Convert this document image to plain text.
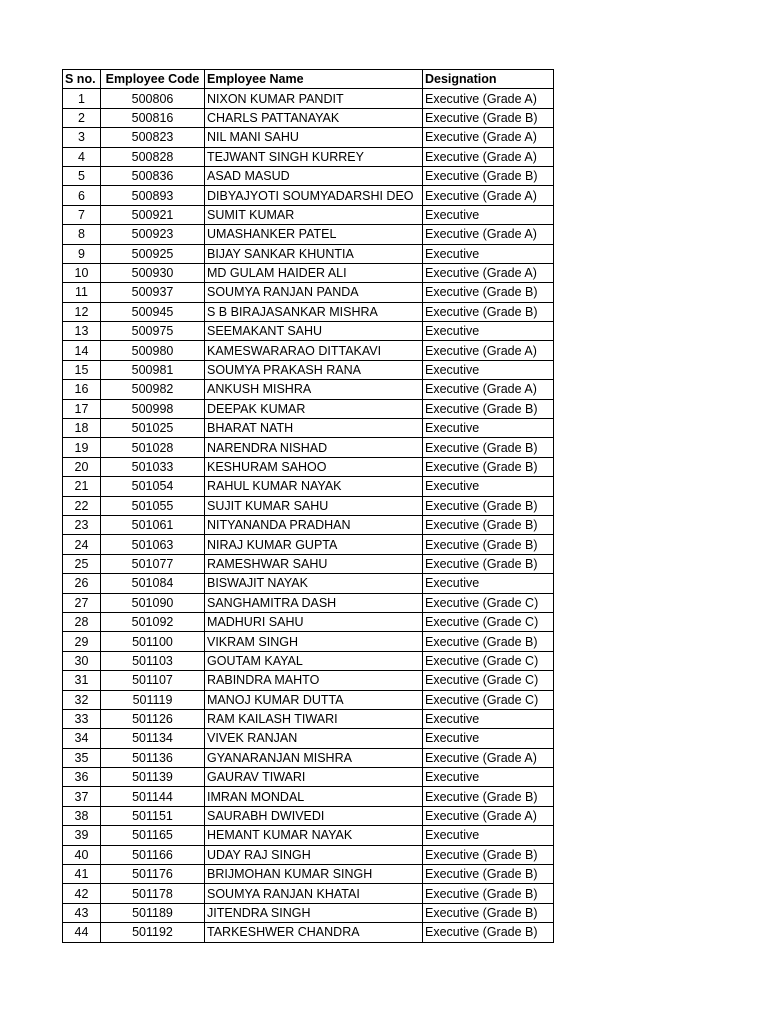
S no.	Employee Code	Employee Name	Designation
1	500806	NIXON KUMAR PANDIT	Executive (Grade A)
2	500816	CHARLS PATTANAYAK	Executive (Grade B)
3	500823	NIL MANI SAHU	Executive (Grade A)
4	500828	TEJWANT SINGH KURREY	Executive (Grade A)
5	500836	ASAD MASUD	Executive (Grade B)
6	500893	DIBYAJYOTI SOUMYADARSHI DEO	Executive (Grade A)
7	500921	SUMIT KUMAR	Executive
8	500923	UMASHANKER PATEL	Executive (Grade A)
9	500925	BIJAY SANKAR KHUNTIA	Executive
10	500930	MD GULAM HAIDER ALI	Executive (Grade A)
11	500937	SOUMYA RANJAN PANDA	Executive (Grade B)
12	500945	S B BIRAJASANKAR MISHRA	Executive (Grade B)
13	500975	SEEMAKANT SAHU	Executive
14	500980	KAMESWARARAO DITTAKAVI	Executive (Grade A)
15	500981	SOUMYA PRAKASH RANA	Executive
16	500982	ANKUSH MISHRA	Executive (Grade A)
17	500998	DEEPAK KUMAR	Executive (Grade B)
18	501025	BHARAT NATH	Executive
19	501028	NARENDRA NISHAD	Executive (Grade B)
20	501033	KESHURAM SAHOO	Executive (Grade B)
21	501054	RAHUL KUMAR NAYAK	Executive
22	501055	SUJIT KUMAR SAHU	Executive (Grade B)
23	501061	NITYANANDA PRADHAN	Executive (Grade B)
24	501063	NIRAJ KUMAR GUPTA	Executive (Grade B)
25	501077	RAMESHWAR SAHU	Executive (Grade B)
26	501084	BISWAJIT NAYAK	Executive
27	501090	SANGHAMITRA DASH	Executive (Grade C)
28	501092	MADHURI SAHU	Executive (Grade C)
29	501100	VIKRAM SINGH	Executive (Grade B)
30	501103	GOUTAM KAYAL	Executive (Grade C)
31	501107	RABINDRA MAHTO	Executive (Grade C)
32	501119	MANOJ KUMAR DUTTA	Executive (Grade C)
33	501126	RAM KAILASH TIWARI	Executive
34	501134	VIVEK RANJAN	Executive
35	501136	GYANARANJAN MISHRA	Executive (Grade A)
36	501139	GAURAV TIWARI	Executive
37	501144	IMRAN MONDAL	Executive (Grade B)
38	501151	SAURABH DWIVEDI	Executive (Grade A)
39	501165	HEMANT KUMAR NAYAK	Executive
40	501166	UDAY RAJ SINGH	Executive (Grade B)
41	501176	BRIJMOHAN KUMAR SINGH	Executive (Grade B)
42	501178	SOUMYA RANJAN KHATAI	Executive (Grade B)
43	501189	JITENDRA SINGH	Executive (Grade B)
44	501192	TARKESHWER CHANDRA	Executive (Grade B)
